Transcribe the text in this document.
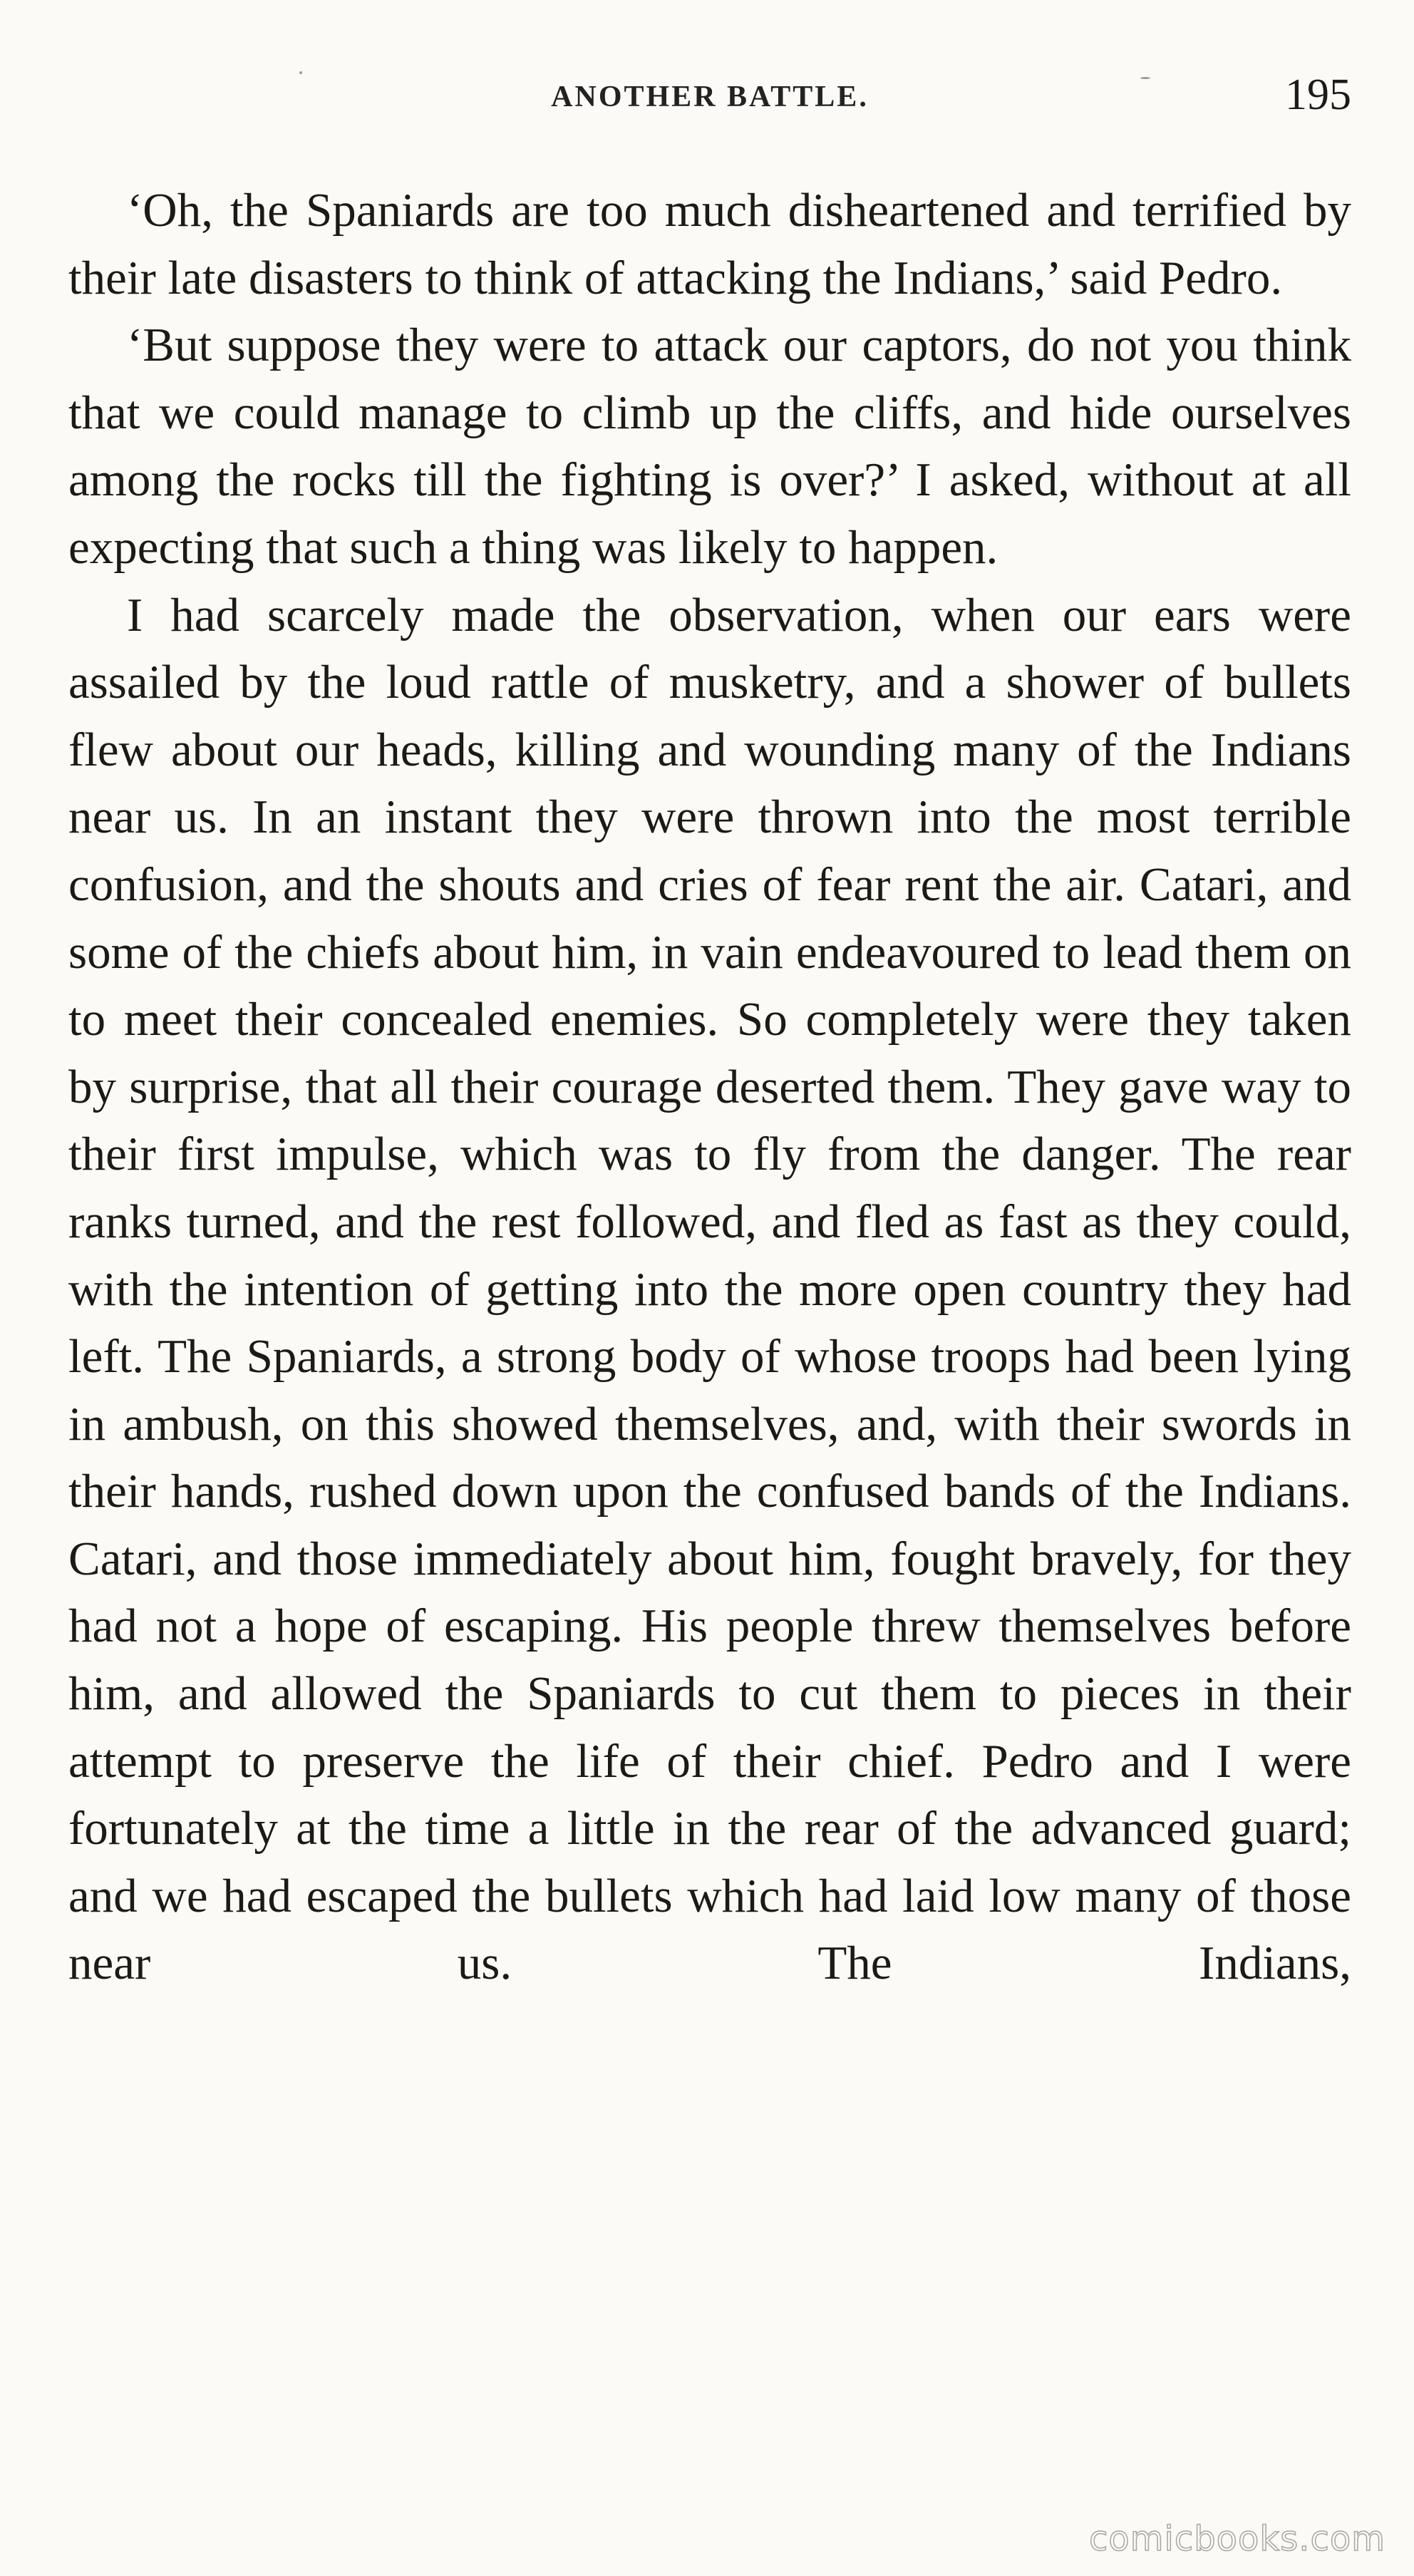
ANOTHER BATTLE.	195

‘Oh, the Spaniards are too much disheartened and terrified by their late disasters to think of attacking the Indians,’ said Pedro.

‘But suppose they were to attack our captors, do not you think that we could manage to climb up the cliffs, and hide ourselves among the rocks till the fighting is over?’ I asked, without at all expecting that such a thing was likely to happen.

I had scarcely made the observation, when our ears were assailed by the loud rattle of musketry, and a shower of bullets flew about our heads, killing and wounding many of the Indians near us. In an instant they were thrown into the most terrible confusion, and the shouts and cries of fear rent the air. Catari, and some of the chiefs about him, in vain endeavoured to lead them on to meet their concealed enemies. So completely were they taken by surprise, that all their courage deserted them. They gave way to their first impulse, which was to fly from the danger. The rear ranks turned, and the rest followed, and fled as fast as they could, with the intention of getting into the more open country they had left. The Spaniards, a strong body of whose troops had been lying in ambush, on this showed themselves, and, with their swords in their hands, rushed down upon the confused bands of the Indians. Catari, and those immediately about him, fought bravely, for they had not a hope of escaping. His people threw themselves before him, and allowed the Spaniards to cut them to pieces in their attempt to preserve the life of their chief. Pedro and I were fortunately at the time a little in the rear of the advanced guard; and we had escaped the bullets which had laid low many of those near us. The Indians,

comicbooks.com
